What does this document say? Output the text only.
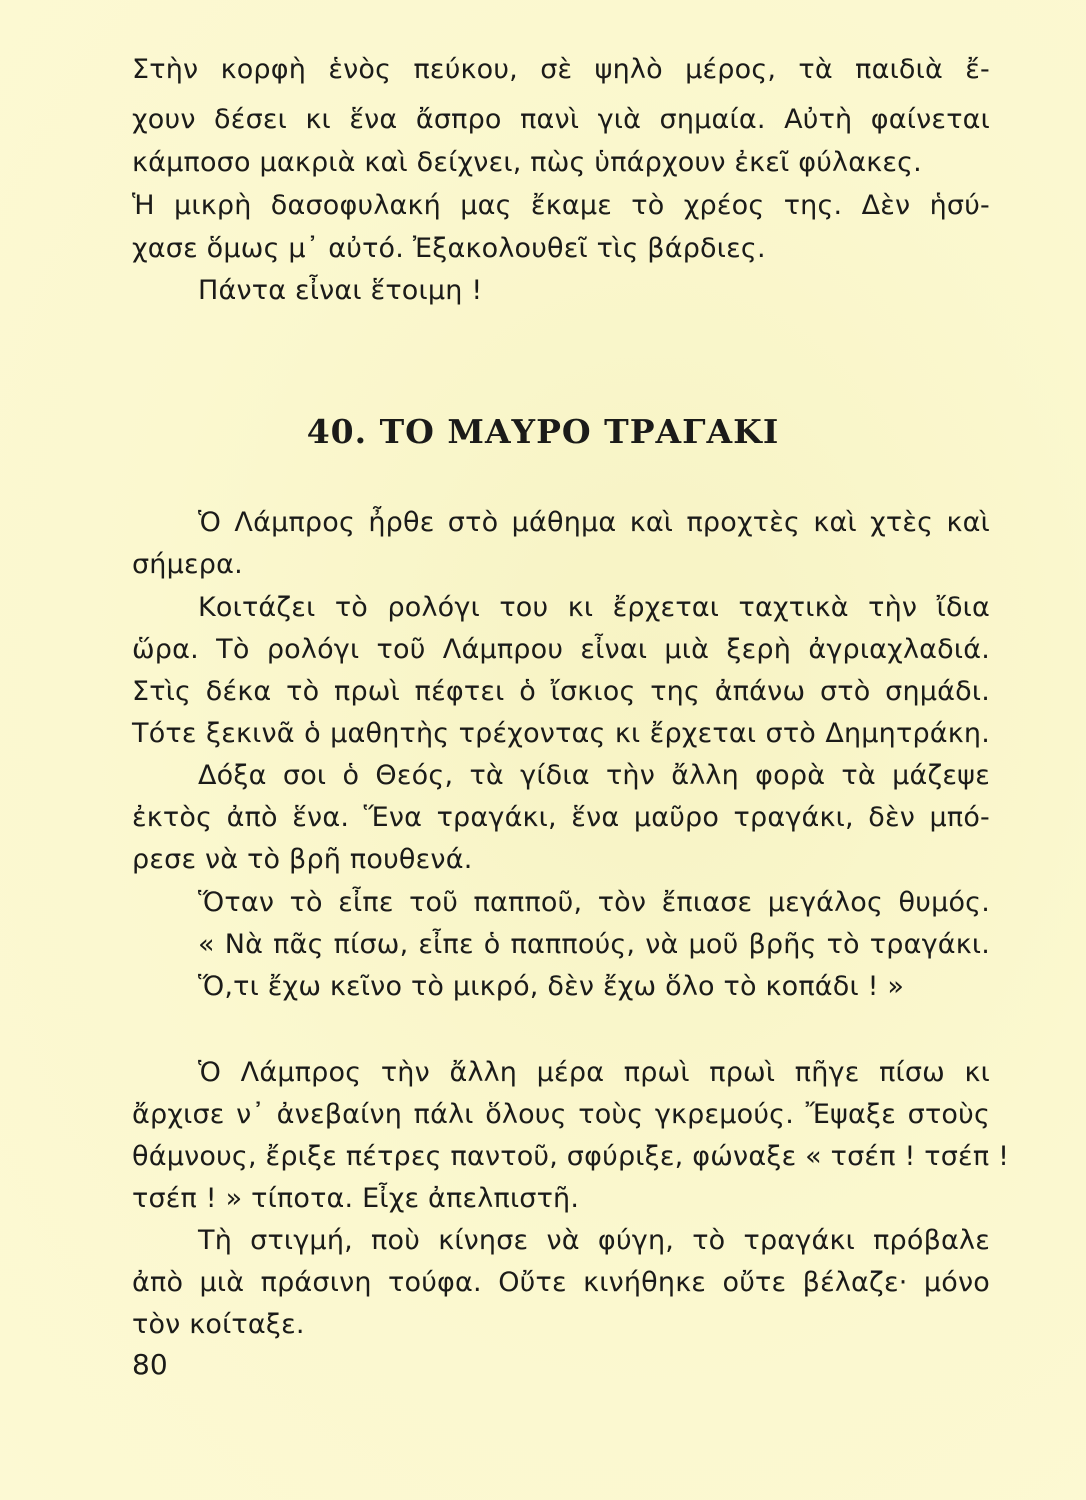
Στὴν κορφὴ ἑνὸς πεύκου, σὲ ψηλὸ μέρος, τὰ παιδιὰ ἔ-
χουν δέσει κι ἕνα ἄσπρο πανὶ γιὰ σημαία. Αὐτὴ φαίνεται
κάμποσο μακριὰ καὶ δείχνει, πὼς ὑπάρχουν ἐκεῖ φύλακες.
Ἡ μικρὴ δασοφυλακή μας ἔκαμε τὸ χρέος της. Δὲν ἡσύ-
χασε ὅμως μ᾽ αὐτό. Ἐξακολουθεῖ τὶς βάρδιες.
Πάντα εἶναι ἕτοιμη !
40. ΤΟ ΜΑΥΡΟ ΤΡΑΓΑΚΙ
Ὁ Λάμπρος ἦρθε στὸ μάθημα καὶ προχτὲς καὶ χτὲς καὶ
σήμερα.
Κοιτάζει τὸ ρολόγι του κι ἔρχεται ταχτικὰ τὴν ἴδια
ὥρα. Τὸ ρολόγι τοῦ Λάμπρου εἶναι μιὰ ξερὴ ἀγριαχλαδιά.
Στὶς δέκα τὸ πρωὶ πέφτει ὁ ἴσκιος της ἀπάνω στὸ σημάδι.
Τότε ξεκινᾶ ὁ μαθητὴς τρέχοντας κι ἔρχεται στὸ Δημητράκη.
Δόξα σοι ὁ Θεός, τὰ γίδια τὴν ἄλλη φορὰ τὰ μάζεψε
ἐκτὸς ἀπὸ ἕνα. Ἕνα τραγάκι, ἕνα μαῦρο τραγάκι, δὲν μπό-
ρεσε νὰ τὸ βρῆ πουθενά.
Ὅταν τὸ εἶπε τοῦ παπποῦ, τὸν ἔπιασε μεγάλος θυμός.
« Νὰ πᾶς πίσω, εἶπε ὁ παππούς, νὰ μοῦ βρῆς τὸ τραγάκι.
Ὅ,τι ἔχω κεῖνο τὸ μικρό, δὲν ἔχω ὅλο τὸ κοπάδι ! »
Ὁ Λάμπρος τὴν ἄλλη μέρα πρωὶ πρωὶ πῆγε πίσω κι
ἄρχισε ν᾽ ἀνεβαίνη πάλι ὅλους τοὺς γκρεμούς. Ἔψαξε στοὺς
θάμνους, ἔριξε πέτρες παντοῦ, σφύριξε, φώναξε « τσέπ ! τσέπ !
τσέπ ! » τίποτα. Εἶχε ἀπελπιστῆ.
Τὴ στιγμή, ποὺ κίνησε νὰ φύγη, τὸ τραγάκι πρόβαλε
ἀπὸ μιὰ πράσινη τούφα. Οὔτε κινήθηκε οὔτε βέλαζε· μόνο
τὸν κοίταξε.
80
